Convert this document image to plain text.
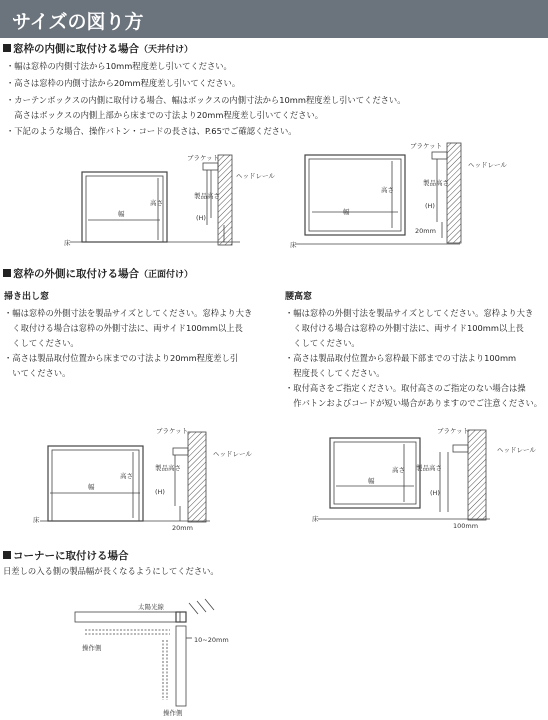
サイズの図り方
窓枠の内側に取付ける場合（天井付け）
・幅は窓枠の内側寸法から10mm程度差し引いてください。
・高さは窓枠の内側寸法から20mm程度差し引いてください。
・カーテンボックスの内側に取付ける場合、幅はボックスの内側寸法から10mm程度差し引いてください。
　高さはボックスの内側上部から床までの寸法より20mm程度差し引いてください。
・下記のような場合、操作バトン・コードの長さは、P.65でご確認ください。
窓枠の外側に取付ける場合（正面付け）
掃き出し窓
・幅は窓枠の外側寸法を製品サイズとしてください。窓枠より大き
　く取付ける場合は窓枠の外側寸法に、両サイド100mm以上長
　くしてください。
・高さは製品取付位置から床までの寸法より20mm程度差し引
　いてください。
腰高窓
・幅は窓枠の外側寸法を製品サイズとしてください。窓枠より大き
　く取付ける場合は窓枠の外側寸法に、両サイド100mm以上長
　くしてください。
・高さは製品取付位置から窓枠最下部までの寸法より100mm
　程度長くしてください。
・取付高さをご指定ください。取付高さのご指定のない場合は操
　作バトンおよびコードが短い場合がありますのでご注意ください。
コーナーに取付ける場合
日差しの入る側の製品幅が長くなるようにしてください。
ブラケット
ヘッドレール
幅
高さ
製品高さ
(H)
床
ブラケット
ヘッドレール
幅
高さ
製品高さ
(H)
20mm
床
ブラケット
ヘッドレール
幅
高さ
製品高さ
(H)
20mm
床
ブラケット
ヘッドレール
幅
高さ 製品高さ
(H)
100mm
床
太陽光線
10~20mm
操作側
操作側
